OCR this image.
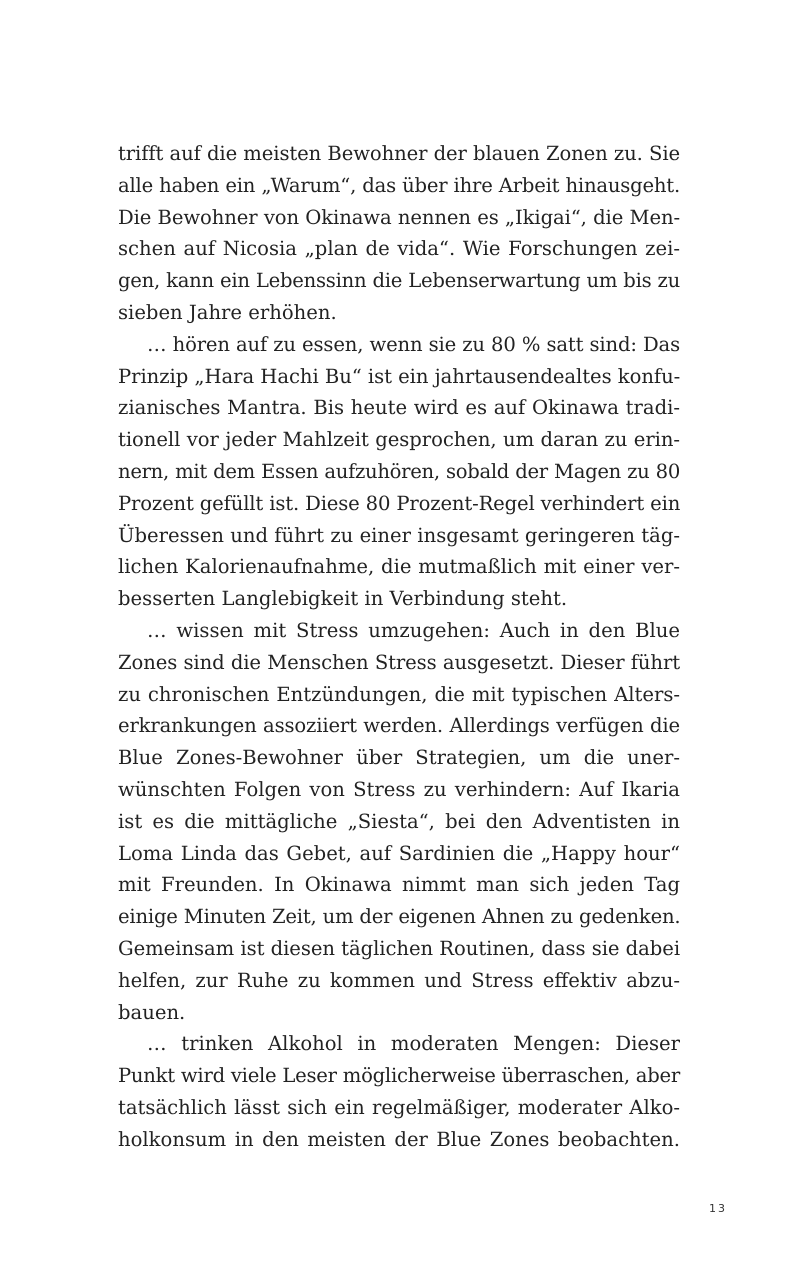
trifft auf die meisten Bewohner der blauen Zonen zu. Sie
alle haben ein „Warum“, das über ihre Arbeit hinausgeht.
Die Bewohner von Okinawa nennen es „Ikigai“, die Men-
schen auf Nicosia „plan de vida“. Wie Forschungen zei-
gen, kann ein Lebenssinn die Lebenserwartung um bis zu
sieben Jahre erhöhen.
… hören auf zu essen, wenn sie zu 80 % satt sind: Das
Prinzip „Hara Hachi Bu“ ist ein jahrtausendealtes konfu-
zianisches Mantra. Bis heute wird es auf Okinawa tradi-
tionell vor jeder Mahlzeit gesprochen, um daran zu erin-
nern, mit dem Essen aufzuhören, sobald der Magen zu 80
Prozent gefüllt ist. Diese 80 Prozent-Regel verhindert ein
Überessen und führt zu einer insgesamt geringeren täg-
lichen Kalorienaufnahme, die mutmaßlich mit einer ver-
besserten Langlebigkeit in Verbindung steht.
… wissen mit Stress umzugehen: Auch in den Blue
Zones sind die Menschen Stress ausgesetzt. Dieser führt
zu chronischen Entzündungen, die mit typischen Alters-
erkrankungen assoziiert werden. Allerdings verfügen die
Blue Zones-Bewohner über Strategien, um die uner-
wünschten Folgen von Stress zu verhindern: Auf Ikaria
ist es die mittägliche „Siesta“, bei den Adventisten in
Loma Linda das Gebet, auf Sardinien die „Happy hour“
mit Freunden. In Okinawa nimmt man sich jeden Tag
einige Minuten Zeit, um der eigenen Ahnen zu gedenken.
Gemeinsam ist diesen täglichen Routinen, dass sie dabei
helfen, zur Ruhe zu kommen und Stress effektiv abzu-
bauen.
… trinken Alkohol in moderaten Mengen: Dieser
Punkt wird viele Leser möglicherweise überraschen, aber
tatsächlich lässt sich ein regelmäßiger, moderater Alko-
holkonsum in den meisten der Blue Zones beobachten.
13
